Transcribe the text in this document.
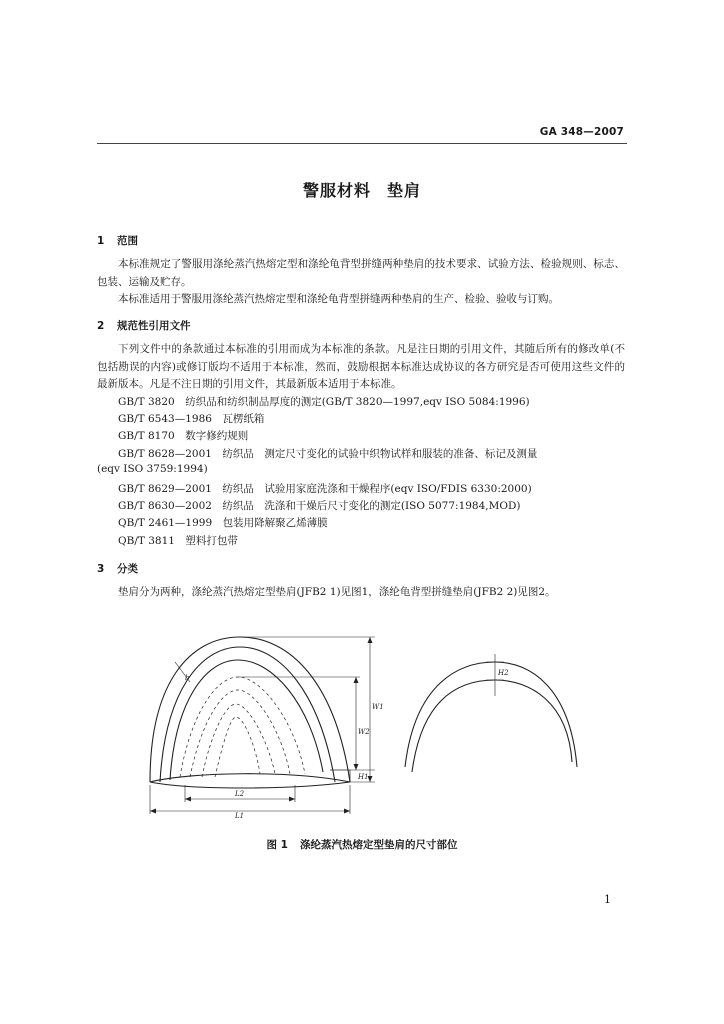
GA 348—2007
警服材料 垫肩
1 范围
本标准规定了警服用涤纶蒸汽热熔定型和涤纶龟背型拼缝两种垫肩的技术要求、试验方法、检验规则、标志、包装、运输及贮存。
本标准适用于警服用涤纶蒸汽热熔定型和涤纶龟背型拼缝两种垫肩的生产、检验、验收与订购。
2 规范性引用文件
下列文件中的条款通过本标准的引用而成为本标准的条款。凡是注日期的引用文件，其随后所有的修改单(不包括勘误的内容)或修订版均不适用于本标准，然而，鼓励根据本标准达成协议的各方研究是否可使用这些文件的最新版本。凡是不注日期的引用文件，其最新版本适用于本标准。
GB/T 3820　纺织品和纺织制品厚度的测定(GB/T 3820—1997,eqv ISO 5084:1996)
GB/T 6543—1986　瓦楞纸箱
GB/T 8170　数字修约规则
GB/T 8628—2001　纺织品　测定尺寸变化的试验中织物试样和服装的准备、标记及测量
(eqv ISO 3759:1994)
GB/T 8629—2001　纺织品　试验用家庭洗涤和干燥程序(eqv ISO/FDIS 6330:2000)
GB/T 8630—2002　纺织品　洗涤和干燥后尺寸变化的测定(ISO 5077:1984,MOD)
QB/T 2461—1999　包装用降解聚乙烯薄膜
QB/T 3811　塑料打包带
3 分类
垫肩分为两种，涤纶蒸汽热熔定型垫肩(JFB2 1)见图1，涤纶龟背型拼缝垫肩(JFB2 2)见图2。
b
W1
W2
H1
L2
L1
H2
图 1 涤纶蒸汽热熔定型垫肩的尺寸部位
1
